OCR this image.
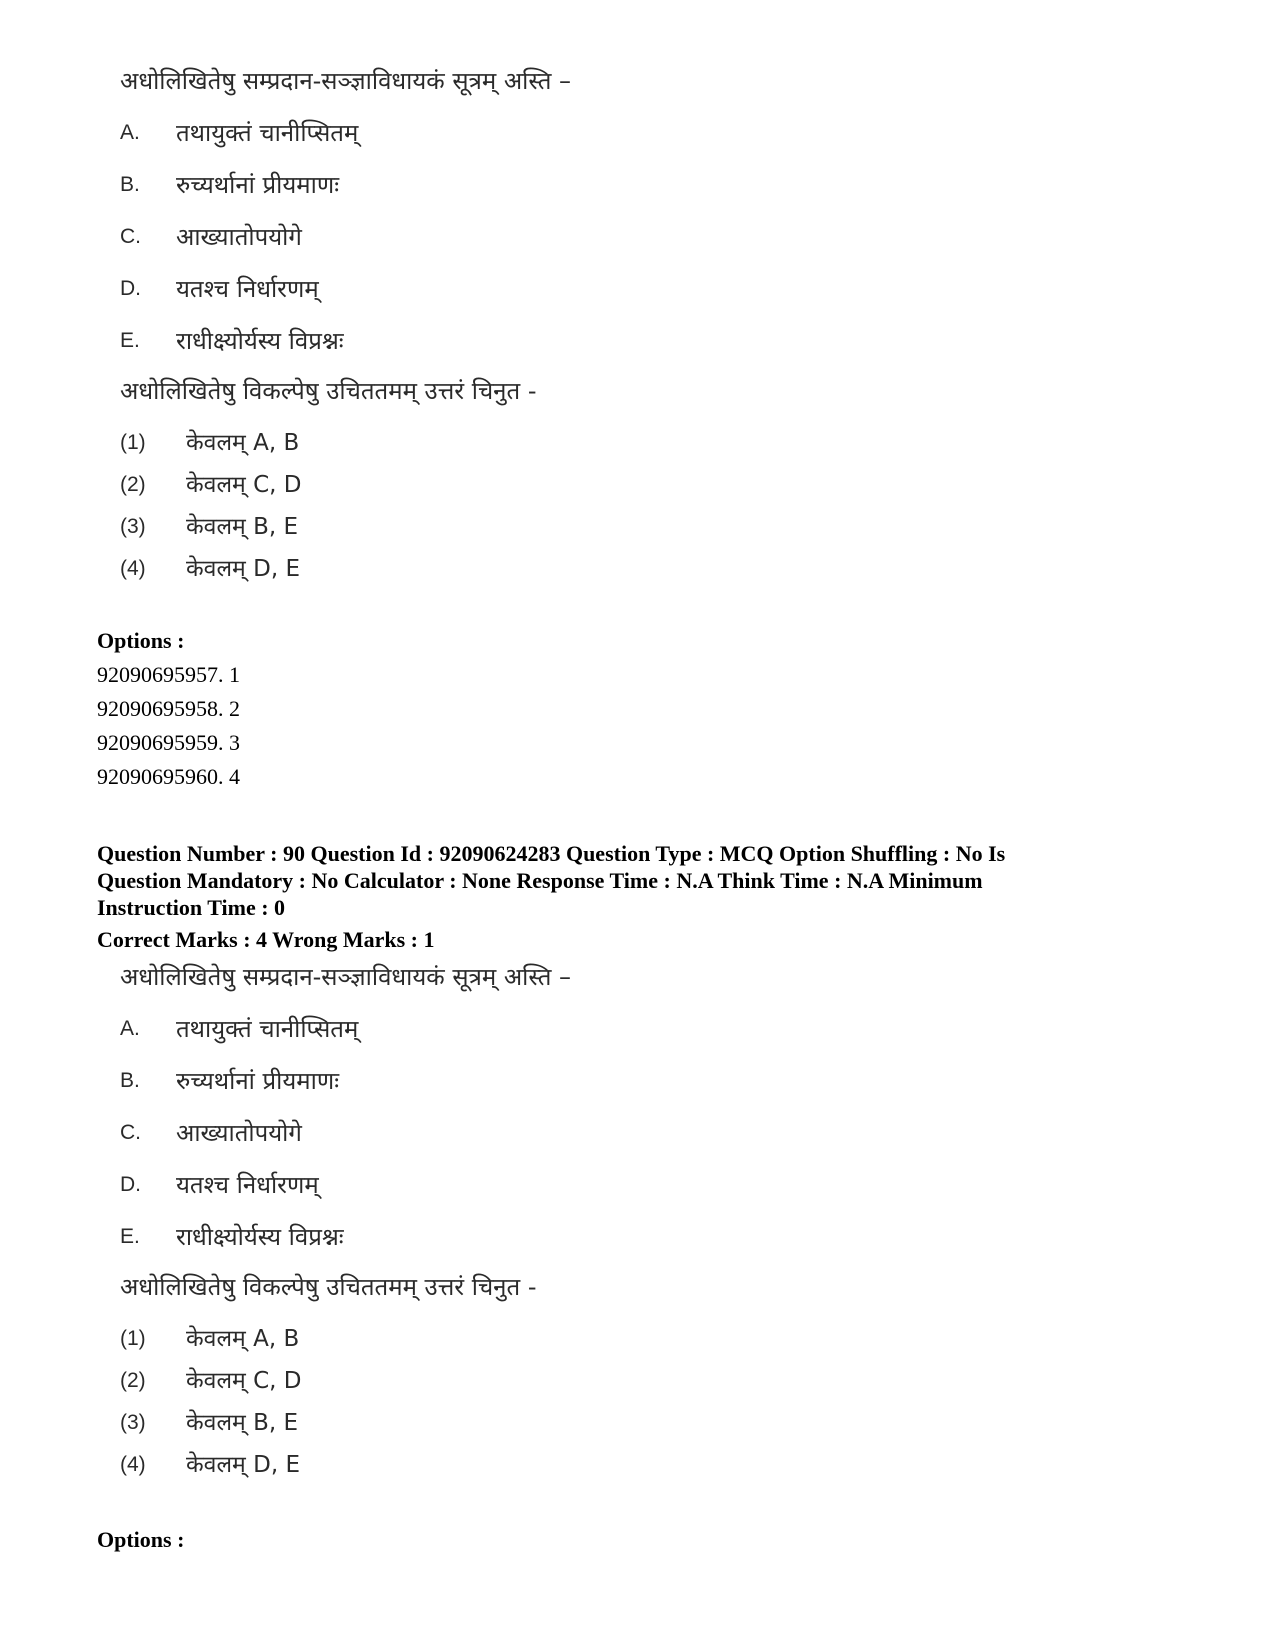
अधोलिखितेषु सम्प्रदान-सञ्ज्ञाविधायकं सूत्रम् अस्ति –

A.	तथायुक्तं चानीप्सितम्
B.	रुच्यर्थानां प्रीयमाणः
C.	आख्यातोपयोगे
D.	यतश्च निर्धारणम्
E.	राधीक्ष्योर्यस्य विप्रश्नः

अधोलिखितेषु विकल्पेषु उचिततमम् उत्तरं चिनुत -

(1)	केवलम् A, B
(2)	केवलम् C, D
(3)	केवलम् B, E
(4)	केवलम् D, E

Options :

92090695957. 1
92090695958. 2
92090695959. 3
92090695960. 4
Question Number : 90 Question Id : 92090624283 Question Type : MCQ Option Shuffling : No Is
Question Mandatory : No Calculator : None Response Time : N.A Think Time : N.A Minimum
Instruction Time : 0
Correct Marks : 4 Wrong Marks : 1

अधोलिखितेषु सम्प्रदान-सञ्ज्ञाविधायकं सूत्रम् अस्ति –

A.	तथायुक्तं चानीप्सितम्
B.	रुच्यर्थानां प्रीयमाणः
C.	आख्यातोपयोगे
D.	यतश्च निर्धारणम्
E.	राधीक्ष्योर्यस्य विप्रश्नः

अधोलिखितेषु विकल्पेषु उचिततमम् उत्तरं चिनुत -

(1)	केवलम् A, B
(2)	केवलम् C, D
(3)	केवलम् B, E
(4)	केवलम् D, E

Options :
